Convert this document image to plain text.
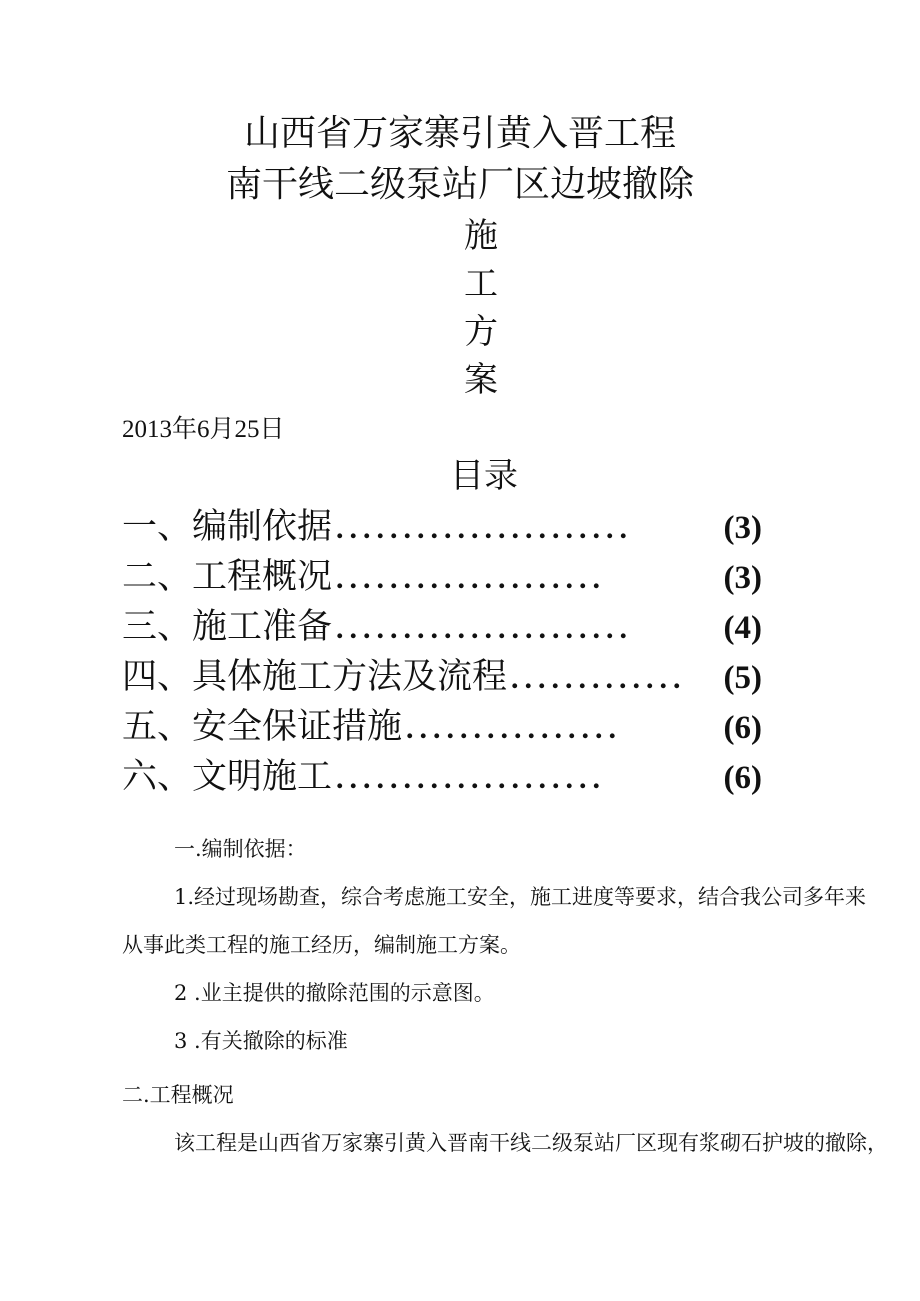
山西省万家寨引黄入晋工程
南干线二级泵站厂区边坡撤除
施
工
方
案
2013年6月25日
目录
一、编制依据 ......................	(3)
二、工程概况 ....................	(3)
三、施工准备 ......................	(4)
四、具体施工方法及流程 .............	(5)
五、安全保证措施 ................	(6)
六、文明施工 ....................	(6)
一.编制依据：
1.经过现场勘查，综合考虑施工安全，施工进度等要求，结合我公司多年来
从事此类工程的施工经历，编制施工方案。
2 .业主提供的撤除范围的示意图。
3 .有关撤除的标准
二.工程概况
该工程是山西省万家寨引黄入晋南干线二级泵站厂区现有浆砌石护坡的撤除，
